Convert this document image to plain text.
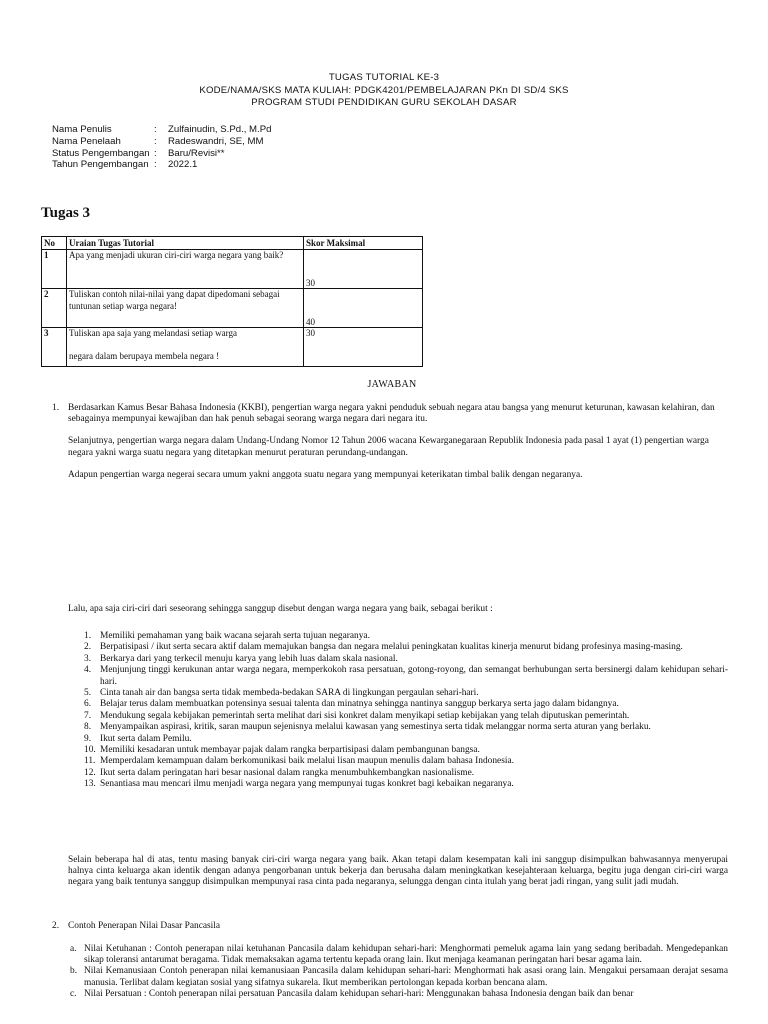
TUGAS TUTORIAL KE-3
KODE/NAMA/SKS MATA KULIAH: PDGK4201/PEMBELAJARAN PKn DI SD/4 SKS
PROGRAM STUDI PENDIDIKAN GURU SEKOLAH DASAR
Nama Penulis	:	Zulfainudin, S.Pd., M.Pd
Nama Penelaah	:	Radeswandri, SE, MM
Status Pengembangan :	Baru/Revisi**
Tahun Pengembangan :	2022.1
Tugas 3
No	Uraian Tugas Tutorial	Skor Maksimal
1	Apa yang menjadi ukuran ciri-ciri warga negara yang baik?	30
2	Tuliskan contoh nilai-nilai yang dapat dipedomani sebagai tuntunan setiap warga negara!	40
3	Tuliskan apa saja yang melandasi setiap warga
negara dalam berupaya membela negara !	30
JAWABAN
1. Berdasarkan Kamus Besar Bahasa Indonesia (KKBI), pengertian warga negara yakni penduduk sebuah negara atau bangsa yang menurut keturunan, kawasan kelahiran, dan sebagainya mempunyai kewajiban dan hak penuh sebagai seorang warga negara dari negara itu.

Selanjutnya, pengertian warga negara dalam Undang-Undang Nomor 12 Tahun 2006 wacana Kewarganegaraan Republik Indonesia pada pasal 1 ayat (1) pengertian warga negara yakni warga suatu negara yang ditetapkan menurut peraturan perundang-undangan.

Adapun pengertian warga negerai secara umum yakni anggota suatu negara yang mempunyai keterikatan timbal balik dengan negaranya.

Lalu, apa saja ciri-ciri dari seseorang sehingga sanggup disebut dengan warga negara yang baik, sebagai berikut :
1. Memiliki pemahaman yang baik wacana sejarah serta tujuan negaranya.
2. Berpatisipasi / ikut serta secara aktif dalam memajukan bangsa dan negara melalui peningkatan kualitas kinerja menurut bidang profesinya masing-masing.
3. Berkarya dari yang terkecil menuju karya yang lebih luas dalam skala nasional.
4. Menjunjung tinggi kerukunan antar warga negara, memperkokoh rasa persatuan, gotong-royong, dan semangat berhubungan serta bersinergi dalam kehidupan sehari-hari.
5. Cinta tanah air dan bangsa serta tidak membeda-bedakan SARA di lingkungan pergaulan sehari-hari.
6. Belajar terus dalam membuatkan potensinya sesuai talenta dan minatnya sehingga nantinya sanggup berkarya serta jago dalam bidangnya.
7. Mendukung segala kebijakan pemerintah serta melihat dari sisi konkret dalam menyikapi setiap kebijakan yang telah diputuskan pemerintah.
8. Menyampaikan aspirasi, kritik, saran maupun sejenisnya melalui kawasan yang semestinya serta tidak melanggar norma serta aturan yang berlaku.
9. Ikut serta dalam Pemilu.
10. Memiliki kesadaran untuk membayar pajak dalam rangka berpartisipasi dalam pembangunan bangsa.
11. Memperdalam kemampuan dalam berkomunikasi baik melalui lisan maupun menulis dalam bahasa Indonesia.
12. Ikut serta dalam peringatan hari besar nasional dalam rangka menumbuhkembangkan nasionalisme.
13. Senantiasa mau mencari ilmu menjadi warga negara yang mempunyai tugas konkret bagi kebaikan negaranya.
Selain beberapa hal di atas, tentu masing banyak ciri-ciri warga negara yang baik. Akan tetapi dalam kesempatan kali ini sanggup disimpulkan bahwasannya menyerupai halnya cinta keluarga akan identik dengan adanya pengorbanan untuk bekerja dan berusaha dalam meningkatkan kesejahteraan keluarga, begitu juga dengan ciri-ciri warga negara yang baik tentunya sanggup disimpulkan mempunyai rasa cinta pada negaranya, selungga dengan cinta itulah yang berat jadi ringan, yang sulit jadi mudah.
2. Contoh Penerapan Nilai Dasar Pancasila
a. Nilai Ketuhanan : Contoh penerapan nilai ketuhanan Pancasila dalam kehidupan sehari-hari: Menghormati pemeluk agama lain yang sedang beribadah. Mengedepankan sikap toleransi antarumat beragama. Tidak memaksakan agama tertentu kepada orang lain. Ikut menjaga keamanan peringatan hari besar agama lain.
b. Nilai Kemanusiaan Contoh penerapan nilai kemanusiaan Pancasila dalam kehidupan sehari-hari: Menghormati hak asasi orang lain. Mengakui persamaan derajat sesama manusia. Terlibat dalam kegiatan sosial yang sifatnya sukarela. Ikut memberikan pertolongan kepada korban bencana alam.
c. Nilai Persatuan : Contoh penerapan nilai persatuan Pancasila dalam kehidupan sehari-hari: Menggunakan bahasa Indonesia dengan baik dan benar
